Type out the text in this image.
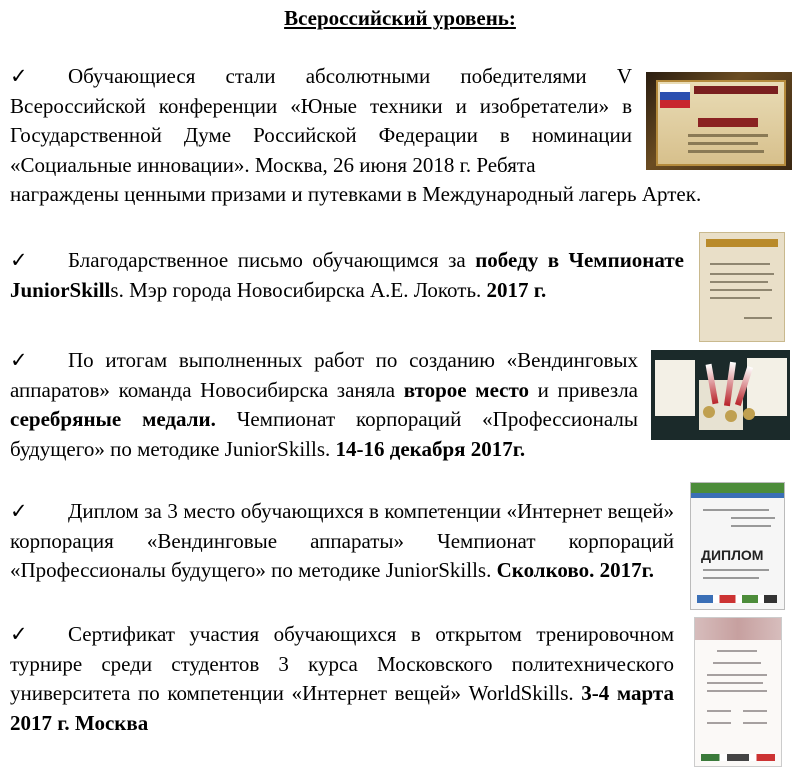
Всероссийский уровень:
✓ Обучающиеся стали абсолютными победителями V Всероссийской конференции «Юные техники и изобретатели» в Государственной Думе Российской Федерации в номинации «Социальные инновации». Москва, 26 июня 2018 г. Ребята
награждены ценными призами и путевками в Международный лагерь Артек.
✓ Благодарственное письмо обучающимся за победу в Чемпионате JuniorSkills. Мэр города Новосибирска А.Е. Локоть. 2017 г.
✓ По итогам выполненных работ по созданию «Вендинговых аппаратов» команда Новосибирска заняла второе место и привезла серебряные медали. Чемпионат корпораций «Профессионалы будущего» по методике JuniorSkills. 14-16 декабря 2017г.
✓ Диплом за 3 место обучающихся в компетенции «Интернет вещей» корпорация «Вендинговые аппараты» Чемпионат корпораций «Профессионалы будущего» по методике JuniorSkills. Сколково. 2017г.
✓ Сертификат участия обучающихся в открытом тренировочном турнире среди студентов 3 курса Московского политехнического университета по компетенции «Интернет вещей» WorldSkills. 3-4 марта 2017 г. Москва
ДИПЛОМ
